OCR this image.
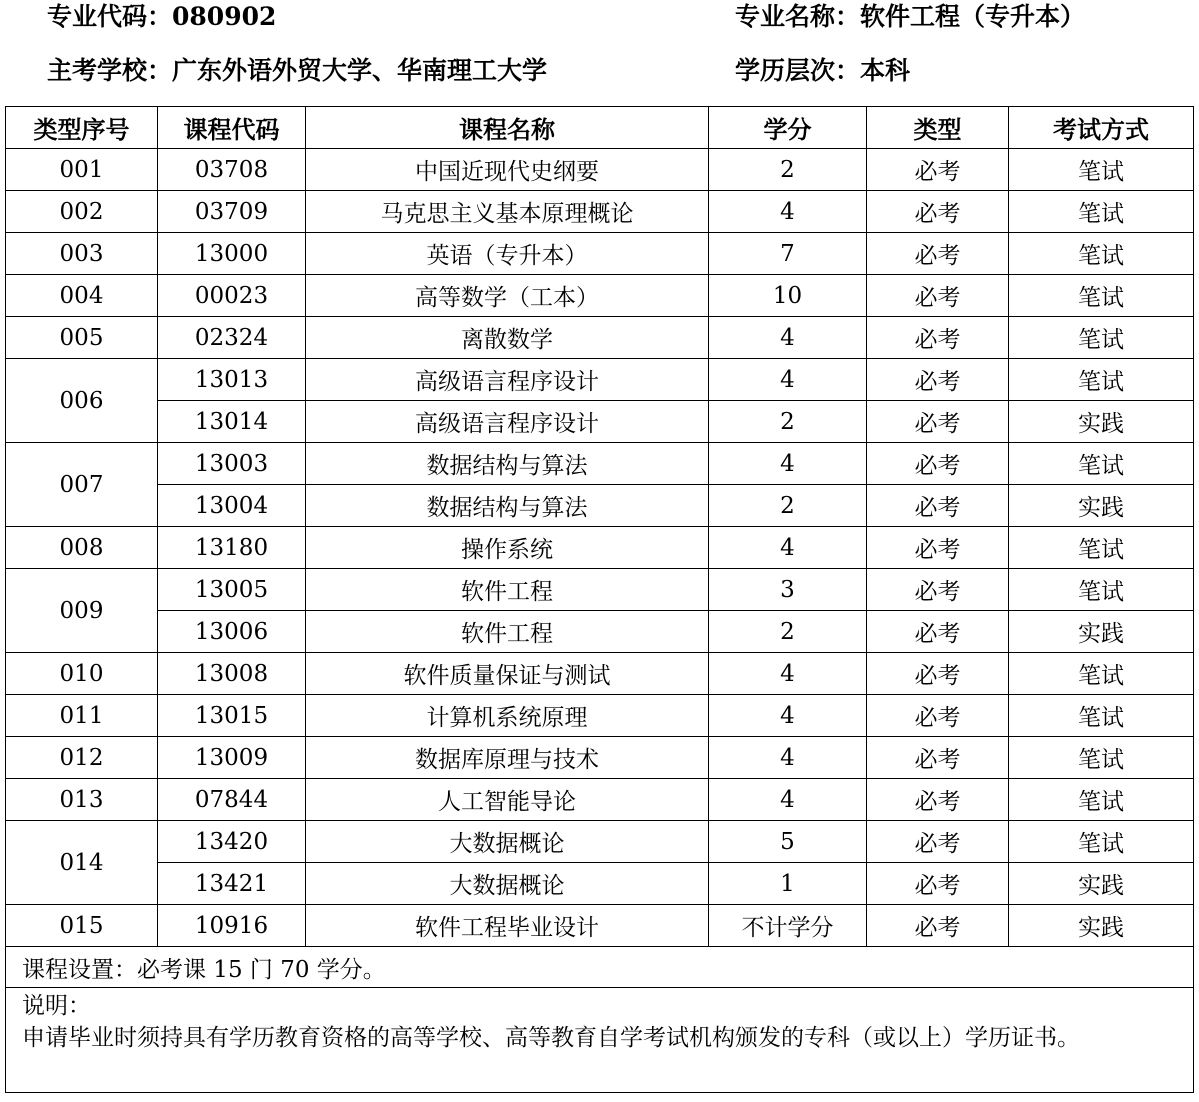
专业代码：080902	专业名称：软件工程（专升本）
主考学校：广东外语外贸大学、华南理工大学	学历层次：本科
类型序号	课程代码	课程名称	学分	类型	考试方式
001	03708	中国近现代史纲要	2	必考	笔试
002	03709	马克思主义基本原理概论	4	必考	笔试
003	13000	英语（专升本）	7	必考	笔试
004	00023	高等数学（工本）	10	必考	笔试
005	02324	离散数学	4	必考	笔试
006	13013	高级语言程序设计	4	必考	笔试
	13014	高级语言程序设计	2	必考	实践
007	13003	数据结构与算法	4	必考	笔试
	13004	数据结构与算法	2	必考	实践
008	13180	操作系统	4	必考	笔试
009	13005	软件工程	3	必考	笔试
	13006	软件工程	2	必考	实践
010	13008	软件质量保证与测试	4	必考	笔试
011	13015	计算机系统原理	4	必考	笔试
012	13009	数据库原理与技术	4	必考	笔试
013	07844	人工智能导论	4	必考	笔试
014	13420	大数据概论	5	必考	笔试
	13421	大数据概论	1	必考	实践
015	10916	软件工程毕业设计	不计学分	必考	实践
课程设置：必考课 15 门 70 学分。					

说明：
申请毕业时须持具有学历教育资格的高等学校、高等教育自学考试机构颁发的专科（或以上）学历证书。					
